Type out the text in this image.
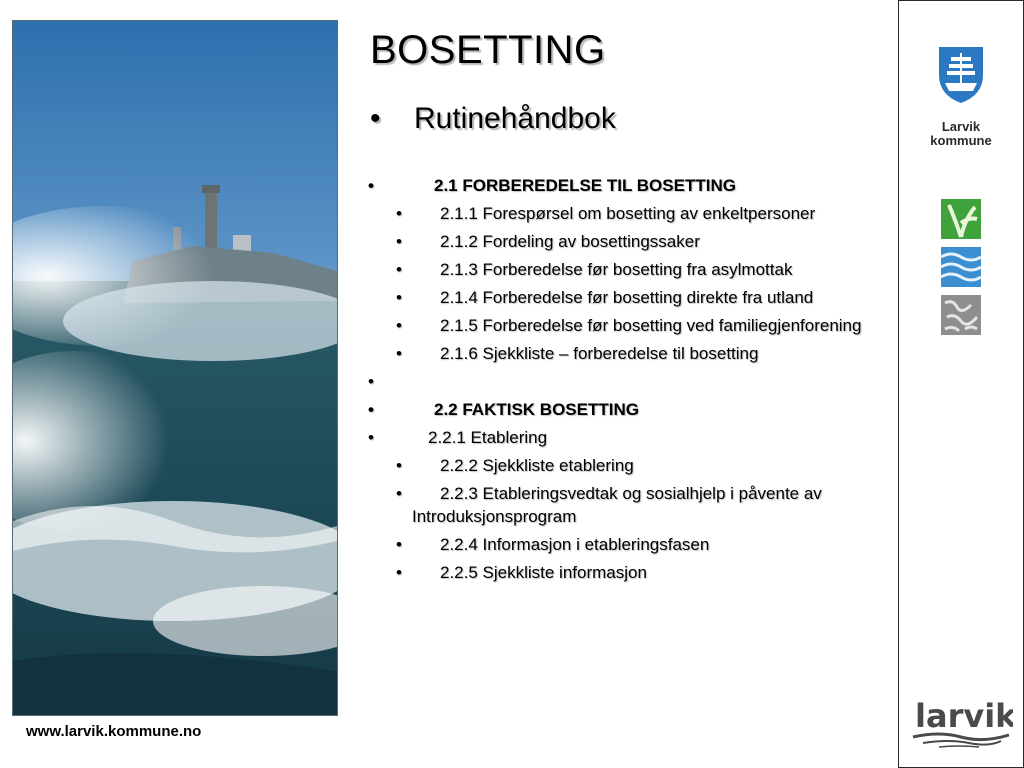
www.larvik.kommune.no
BOSETTING
•Rutinehåndbok
• 2.1 FORBEREDELSE TIL BOSETTING
• 2.1.1 Forespørsel om bosetting av enkeltpersoner
• 2.1.2 Fordeling av bosettingssaker
• 2.1.3 Forberedelse før bosetting fra asylmottak
• 2.1.4 Forberedelse før bosetting direkte fra utland
• 2.1.5 Forberedelse før bosetting ved familiegjenforening
• 2.1.6 Sjekkliste – forberedelse til bosetting
•
• 2.2 FAKTISK BOSETTING
• 2.2.1 Etablering
• 2.2.2 Sjekkliste etablering
• 2.2.3 Etableringsvedtak og sosialhjelp i påvente av Introduksjonsprogram
• 2.2.4 Informasjon i etableringsfasen
• 2.2.5 Sjekkliste informasjon
Larvik
kommune
larvik
